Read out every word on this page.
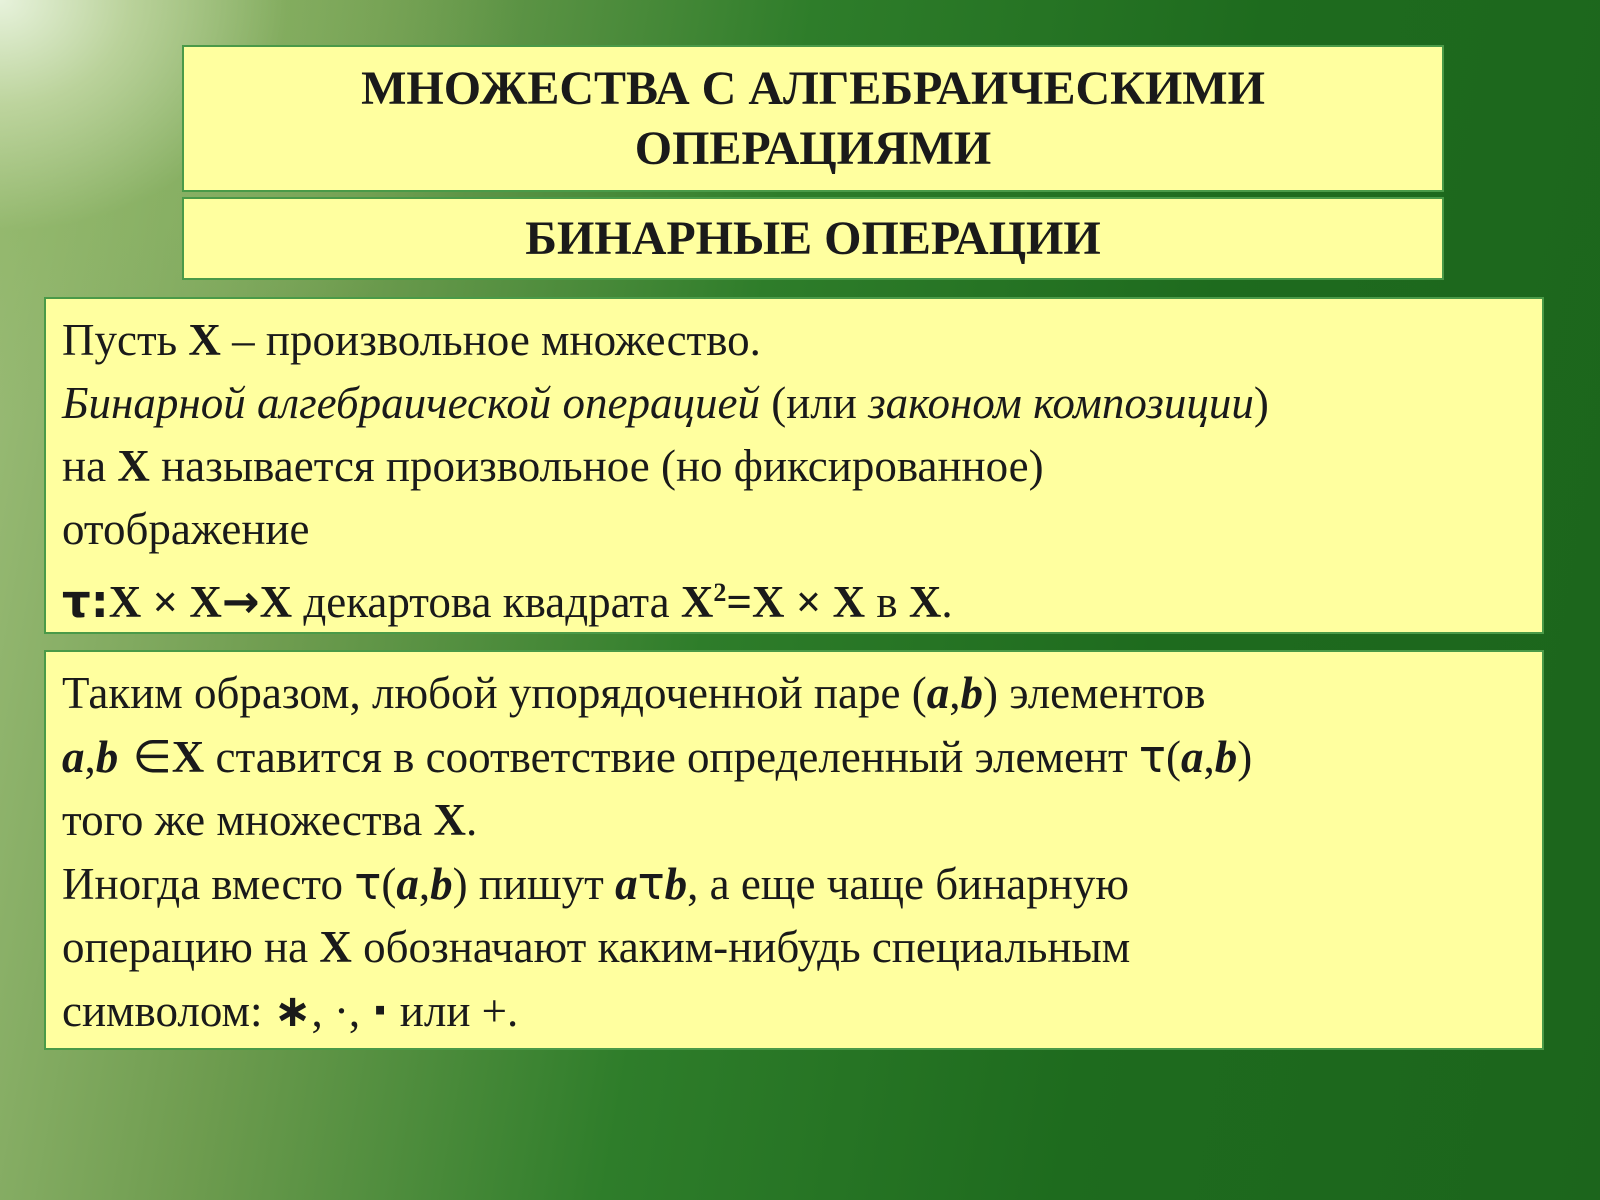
МНОЖЕСТВА С АЛГЕБРАИЧЕСКИМИ
ОПЕРАЦИЯМИ
БИНАРНЫЕ ОПЕРАЦИИ
Пусть X – произвольное множество.
Бинарной алгебраической операцией (или законом композиции)
на X называется произвольное (но фиксированное)
отображение
τ:X × X→X декартова квадрата $X^2=X \times X$ в X.
Таким образом, любой упорядоченной паре (a,b) элементов
a,b ∈X ставится в соответствие определенный элемент τ(a,b)
того же множества X.
Иногда вместо τ(a,b) пишут aτb, а еще чаще бинарную
операцию на X обозначают каким-нибудь специальным
символом: ∗, ·, · или +.
